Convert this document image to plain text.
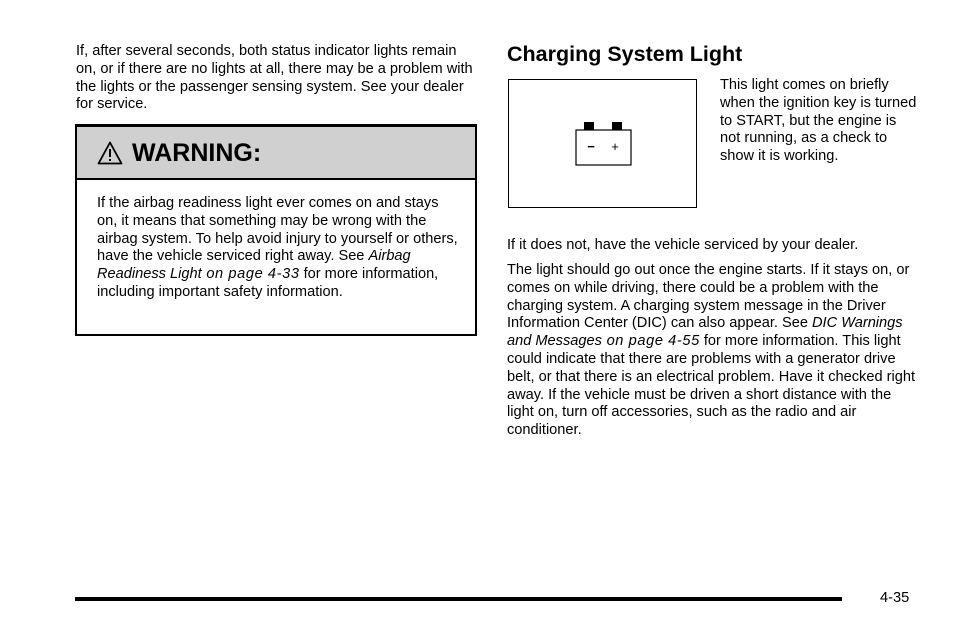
If, after several seconds, both status indicator lights remain on, or if there are no lights at all, there may be a problem with the lights or the passenger sensing system. See your dealer for service.

WARNING:

If the airbag readiness light ever comes on and stays on, it means that something may be wrong with the airbag system. To help avoid injury to yourself or others, have the vehicle serviced right away. See Airbag Readiness Light on page 4-33 for more information, including important safety information.

Charging System Light
− +

This light comes on briefly when the ignition key is turned to START, but the engine is not running, as a check to show it is working.

If it does not, have the vehicle serviced by your dealer.

The light should go out once the engine starts. If it stays on, or comes on while driving, there could be a problem with the charging system. A charging system message in the Driver Information Center (DIC) can also appear. See DIC Warnings and Messages on page 4-55 for more information. This light could indicate that there are problems with a generator drive belt, or that there is an electrical problem. Have it checked right away. If the vehicle must be driven a short distance with the light on, turn off accessories, such as the radio and air conditioner.

4-35
